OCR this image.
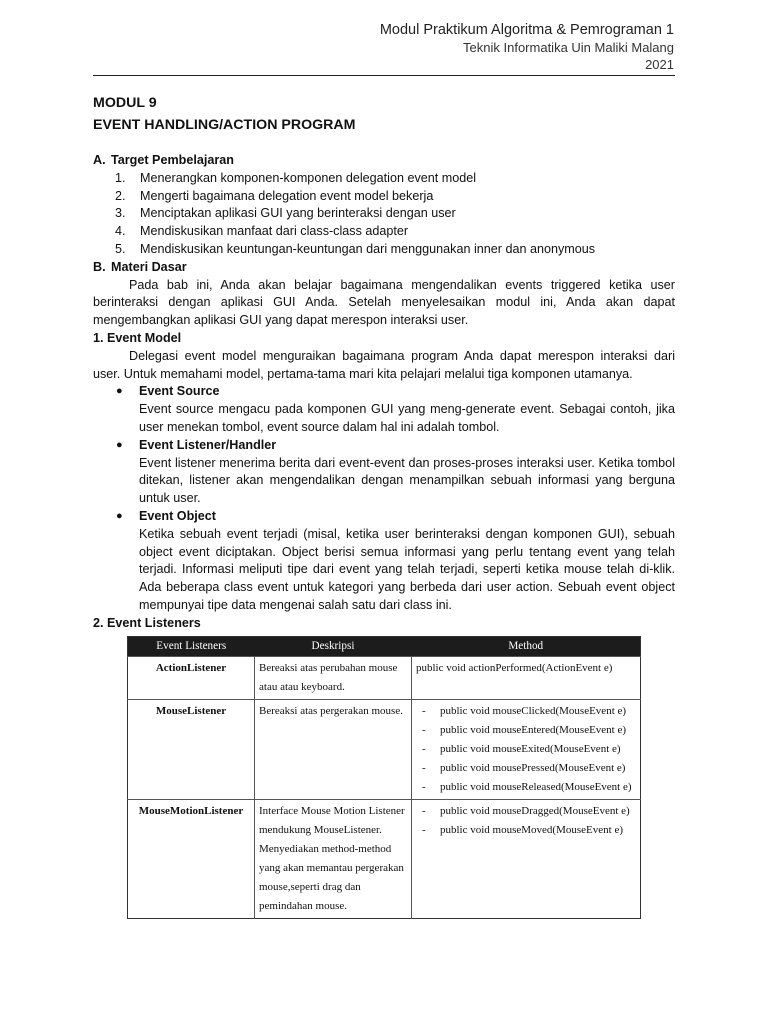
Modul Praktikum Algoritma & Pemrograman 1
Teknik Informatika Uin Maliki Malang
2021
MODUL 9
EVENT HANDLING/ACTION PROGRAM
A. Target Pembelajaran
1. Menerangkan komponen-komponen delegation event model
2. Mengerti bagaimana delegation event model bekerja
3. Menciptakan aplikasi GUI yang berinteraksi dengan user
4. Mendiskusikan manfaat dari class-class adapter
5. Mendiskusikan keuntungan-keuntungan dari menggunakan inner dan anonymous
B. Materi Dasar

Pada bab ini, Anda akan belajar bagaimana mengendalikan events triggered ketika user berinteraksi dengan aplikasi GUI Anda. Setelah menyelesaikan modul ini, Anda akan dapat mengembangkan aplikasi GUI yang dapat merespon interaksi user.

1. Event Model

Delegasi event model menguraikan bagaimana program Anda dapat merespon interaksi dari user. Untuk memahami model, pertama-tama mari kita pelajari melalui tiga komponen utamanya.

● Event Source
Event source mengacu pada komponen GUI yang meng-generate event. Sebagai contoh, jika user menekan tombol, event source dalam hal ini adalah tombol.
● Event Listener/Handler
Event listener menerima berita dari event-event dan proses-proses interaksi user. Ketika tombol ditekan, listener akan mengendalikan dengan menampilkan sebuah informasi yang berguna untuk user.
● Event Object
Ketika sebuah event terjadi (misal, ketika user berinteraksi dengan komponen GUI), sebuah object event diciptakan. Object berisi semua informasi yang perlu tentang event yang telah terjadi. Informasi meliputi tipe dari event yang telah terjadi, seperti ketika mouse telah di-klik. Ada beberapa class event untuk kategori yang berbeda dari user action. Sebuah event object mempunyai tipe data mengenai salah satu dari class ini.
2. Event Listeners
Event Listeners	Deskripsi	Method
ActionListener	Bereaksi atas perubahan mouse atau atau keyboard.	public void actionPerformed(ActionEvent e)

MouseListener	Bereaksi atas pergerakan mouse.	- public void mouseClicked(MouseEvent e)
- public void mouseEntered(MouseEvent e)
- public void mouseExited(MouseEvent e)
- public void mousePressed(MouseEvent e)
- public void mouseReleased(MouseEvent e)

MouseMotionListener	Interface Mouse Motion Listener mendukung MouseListener. Menyediakan method-method yang akan memantau pergerakan mouse,seperti drag dan pemindahan mouse.	- public void mouseDragged(MouseEvent e)
- public void mouseMoved(MouseEvent e)
